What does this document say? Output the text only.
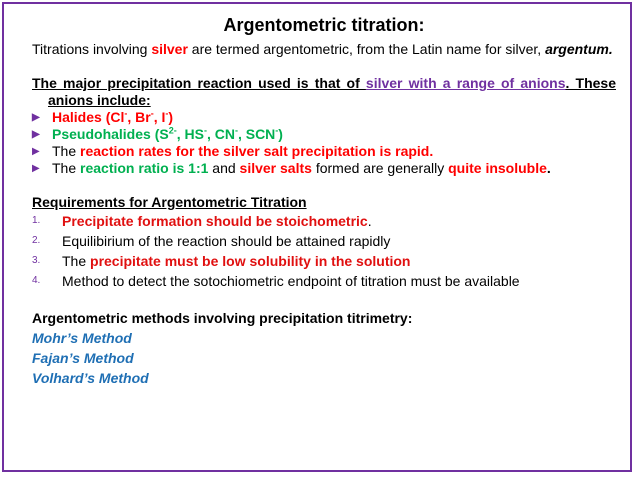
Argentometric titration:

Titrations involving silver are termed argentometric, from the Latin name for silver, argentum.

The major precipitation reaction used is that of silver with a range of anions. These anions include:

▶ Halides (Cl-, Br-, I-)

▶ Pseudohalides ($S^{2-}$, HS-, CN-, SCN-)

▶ The reaction rates for the silver salt precipitation is rapid.

▶ The reaction ratio is 1:1 and silver salts formed are generally quite insoluble.

Requirements for Argentometric Titration

1. Precipitate formation should be stoichometric.

2. Equilibirium of the reaction should be attained rapidly

3. The precipitate must be low solubility in the solution

4. Method to detect the sotochiometric endpoint of titration must be available

Argentometric methods involving precipitation titrimetry:

Mohr’s Method

Fajan’s Method

Volhard’s Method
